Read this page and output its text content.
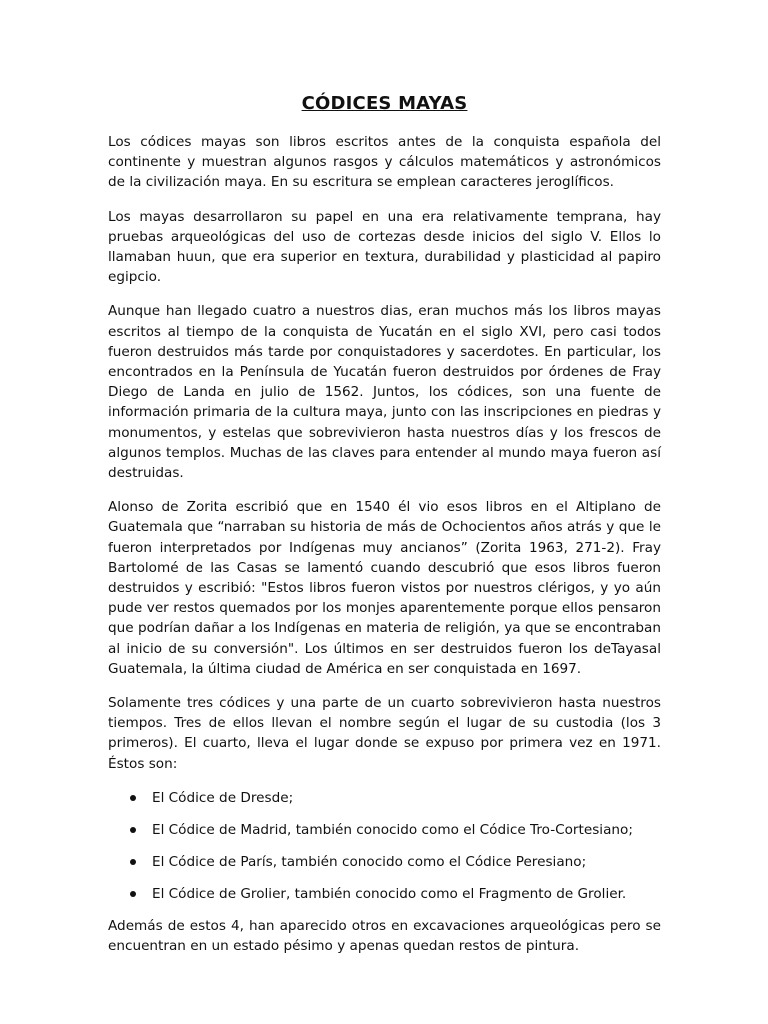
CÓDICES MAYAS

Los códices mayas son libros escritos antes de la conquista española del continente y muestran algunos rasgos y cálculos matemáticos y astronómicos de la civilización maya. En su escritura se emplean caracteres jeroglíficos.

Los mayas desarrollaron su papel en una era relativamente temprana, hay pruebas arqueológicas del uso de cortezas desde inicios del siglo V. Ellos lo llamaban huun, que era superior en textura, durabilidad y plasticidad al papiro egipcio.

Aunque han llegado cuatro a nuestros dias, eran muchos más los libros mayas escritos al tiempo de la conquista de Yucatán en el siglo XVI, pero casi todos fueron destruidos más tarde por conquistadores y sacerdotes. En particular, los encontrados en la Península de Yucatán fueron destruidos por órdenes de Fray Diego de Landa en julio de 1562. Juntos, los códices, son una fuente de información primaria de la cultura maya, junto con las inscripciones en piedras y monumentos, y estelas que sobrevivieron hasta nuestros días y los frescos de algunos templos. Muchas de las claves para entender al mundo maya fueron así destruidas.

Alonso de Zorita escribió que en 1540 él vio esos libros en el Altiplano de Guatemala que “narraban su historia de más de Ochocientos años atrás y que le fueron interpretados por Indígenas muy ancianos” (Zorita 1963, 271-2). Fray Bartolomé de las Casas se lamentó cuando descubrió que esos libros fueron destruidos y escribió: "Estos libros fueron vistos por nuestros clérigos, y yo aún pude ver restos quemados por los monjes aparentemente porque ellos pensaron que podrían dañar a los Indígenas en materia de religión, ya que se encontraban al inicio de su conversión". Los últimos en ser destruidos fueron los deTayasal Guatemala, la última ciudad de América en ser conquistada en 1697.

Solamente tres códices y una parte de un cuarto sobrevivieron hasta nuestros tiempos. Tres de ellos llevan el nombre según el lugar de su custodia (los 3 primeros). El cuarto, lleva el lugar donde se expuso por primera vez en 1971. Éstos son:

El Códice de Dresde;
El Códice de Madrid, también conocido como el Códice Tro-Cortesiano;
El Códice de París, también conocido como el Códice Peresiano;
El Códice de Grolier, también conocido como el Fragmento de Grolier.

Además de estos 4, han aparecido otros en excavaciones arqueológicas pero se encuentran en un estado pésimo y apenas quedan restos de pintura.
